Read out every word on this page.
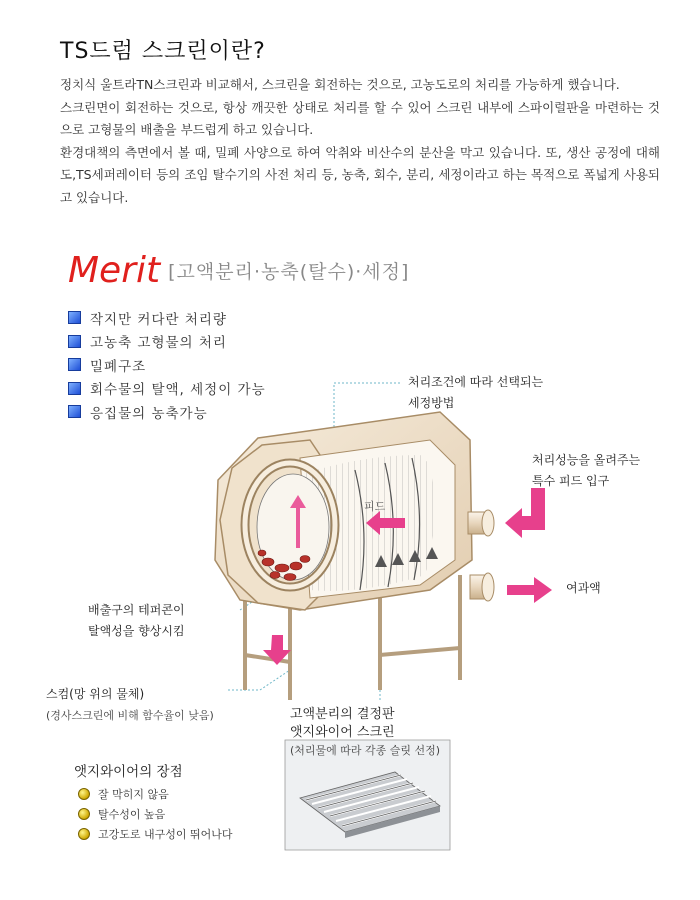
TS드럼 스크린이란?

정치식 울트라TN스크린과 비교해서, 스크린을 회전하는 것으로, 고농도로의 처리를 가능하게 했습니다.

스크린면이 회전하는 것으로, 항상 깨끗한 상태로 처리를 할 수 있어 스크린 내부에 스파이럴판을 마련하는 것으로 고형물의 배출을 부드럽게 하고 있습니다.

환경대책의 측면에서 볼 때, 밀폐 사양으로 하여 악취와 비산수의 분산을 막고 있습니다. 또, 생산 공정에 대해도,TS세퍼레이터 등의 조임 탈수기의 사전 처리 등, 농축, 회수, 분리, 세정이라고 하는 목적으로 폭넓게 사용되고 있습니다.

Merit [고액분리·농축(탈수)·세정]
작지만 커다란 처리량
고농축 고형물의 처리
밀폐구조
회수물의 탈액, 세정이 가능
응집물의 농축가능
처리조건에 따라 선택되는
세정방법
처리성능을 올려주는
특수 피드 입구
피드
여과액
배출구의 테퍼콘이
탈액성을 향상시킴
스컴(망 위의 물체)
(경사스크린에 비해 함수율이 낮음)	고액분리의 결정판
앳지와이어 스크린
(처리물에 따라 각종 슬릿 선정)
앳지와이어의 장점
잘 막히지 않음
탈수성이 높음
고강도로 내구성이 뛰어나다
